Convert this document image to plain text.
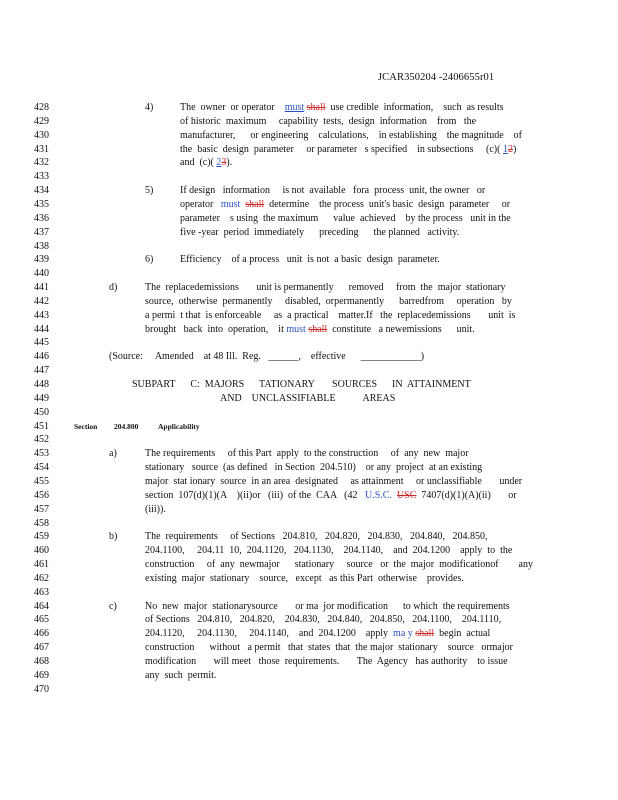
JCAR350204 -2406655r01
428	4)	The  owner  or operator    must shall  use credible  information,    such  as results
429	of historic  maximum     capability  tests,  design  information    from   the
430	manufacturer,      or engineering    calculations,    in establishing    the magnitude    of
431	the  basic  design  parameter     or parameter   s specified    in subsections     (c)( 12)
432	and  (c)( 23).
433
434	5)	If design   information     is not  available   fora  process  unit, the owner   or
435	operator   must shall  determine    the process  unit's basic  design  parameter     or
436	parameter    s using  the maximum      value  achieved    by the process   unit in the
437	five -year  period  immediately      preceding      the planned   activity.
438
439	6)	Efficiency    of a process   unit  is not  a basic  design  parameter.
440
441	d)	The  replacedemissions       unit is permanently      removed     from  the  major  stationary
442	source,  otherwise  permanently     disabled,  orpermanently      barredfrom     operation   by
443	a permi  t that  is enforceable     as  a practical    matter.If   the  replacedemissions       unit  is
444	brought   back  into  operation,    it must shall  constitute   a newemissions      unit.
445
446	(Source:     Amended    at 48 Ill.  Reg.   ______,    effective      ____________)
447
448	SUBPART      C:  MAJORS      TATIONARY       SOURCES      IN  ATTAINMENT
449	AND    UNCLASSIFIABLE           AREAS
450
451	Section 204.800	Applicability
452
453	a)	The requirements     of this Part  apply  to the construction     of  any  new  major
454	stationary   source  (as defined   in Section  204.510)    or any  project  at an existing
455	major  stat ionary  source  in an area  designated     as attainment     or unclassifiable       under
456	section  107(d)(1)(A    )(ii)or   (iii)  of the  CAA   (42   U.S.C. USC  7407(d)(1)(A)(ii)       or
457	(iii)).
458
459	b)	The  requirements     of Sections   204.810,   204.820,   204.830,   204.840,   204.850,
460	204.1100,     204.11  10,  204.1120,   204.1130,    204.1140,    and  204.1200    apply  to  the
461	construction     of  any  newmajor      stationary     source   or  the  major  modificationof        any
462	existing  major  stationary    source,   except   as this Part  otherwise    provides.
463
464	c)	No  new  major  stationarysource       or ma  jor modification      to which  the requirements
465	of Sections   204.810,   204.820,    204.830,   204.840,   204.850,   204.1100,    204.1110,
466	204.1120,     204.1130,     204.1140,    and  204.1200    apply  ma y shall  begin  actual
467	construction      without   a permit   that  states  that  the major  stationary    source   ormajor
468	modification       will meet   those  requirements.       The  Agency   has authority    to issue
469	any  such  permit.
470
